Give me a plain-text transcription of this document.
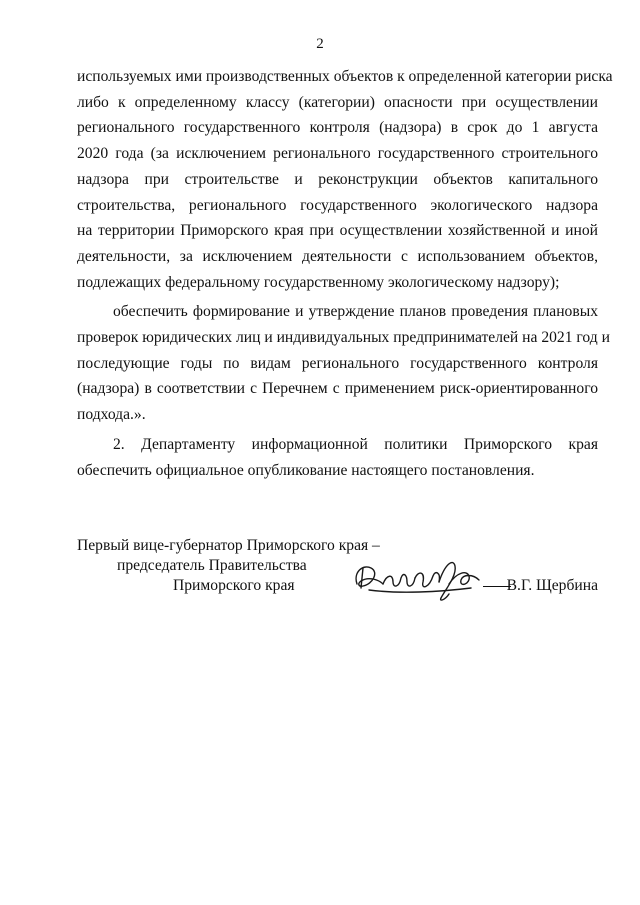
2
используемых ими производственных объектов к определенной категории риска
либо к определенному классу (категории) опасности при осуществлении
регионального государственного контроля (надзора) в срок до 1 августа
2020 года (за исключением регионального государственного строительного
надзора при строительстве и реконструкции объектов капитального
строительства, регионального государственного экологического надзора
на территории Приморского края при осуществлении хозяйственной и иной
деятельности, за исключением деятельности с использованием объектов,
подлежащих федеральному государственному экологическому надзору);
обеспечить формирование и утверждение планов проведения плановых
проверок юридических лиц и индивидуальных предпринимателей на 2021 год и
последующие годы по видам регионального государственного контроля
(надзора) в соответствии с Перечнем с применением риск-ориентированного
подхода.».
2. Департаменту информационной политики Приморского края
обеспечить официальное опубликование настоящего постановления.
Первый вице-губернатор Приморского края –
председатель Правительства
Приморского края	В.Г. Щербина
